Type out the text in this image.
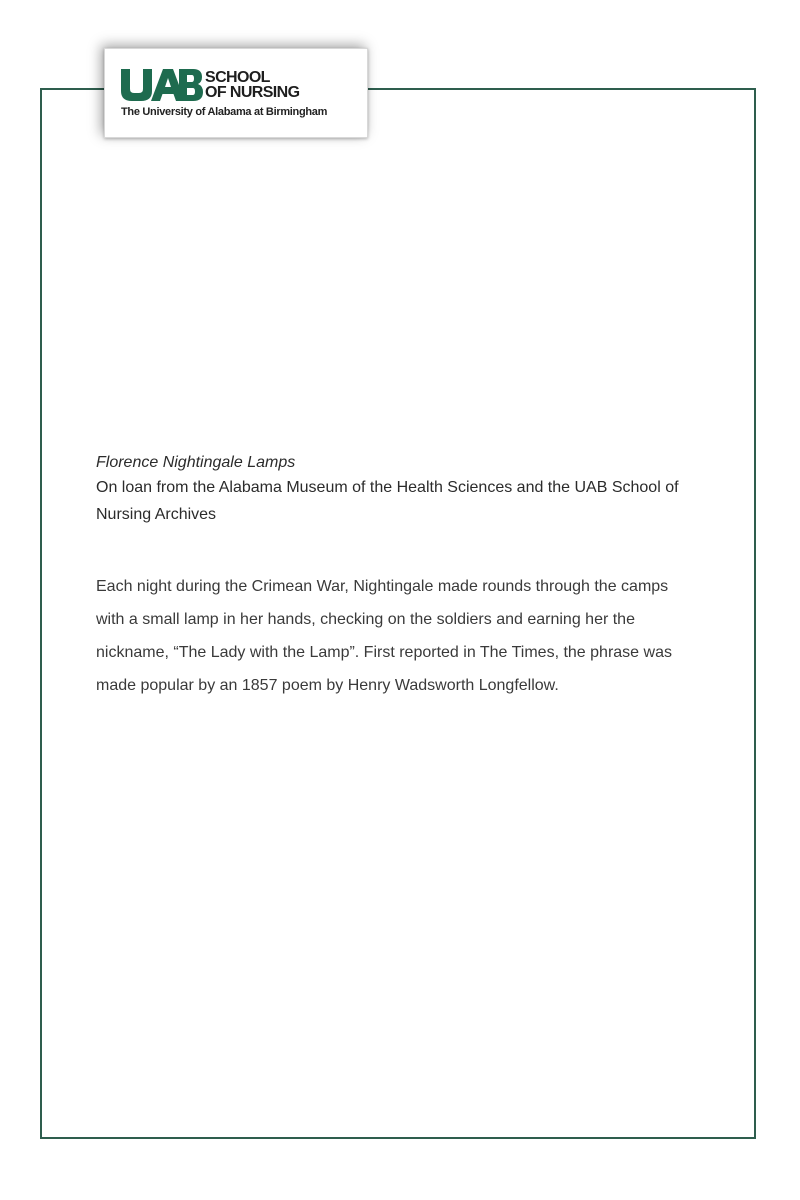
SCHOOL
OF NURSING
The University of Alabama at Birmingham

Florence Nightingale Lamps

On loan from the Alabama Museum of the Health Sciences and the UAB School of Nursing Archives

Each night during the Crimean War, Nightingale made rounds through the camps with a small lamp in her hands, checking on the soldiers and earning her the nickname, “The Lady with the Lamp”. First reported in The Times, the phrase was made popular by an 1857 poem by Henry Wadsworth Longfellow.
